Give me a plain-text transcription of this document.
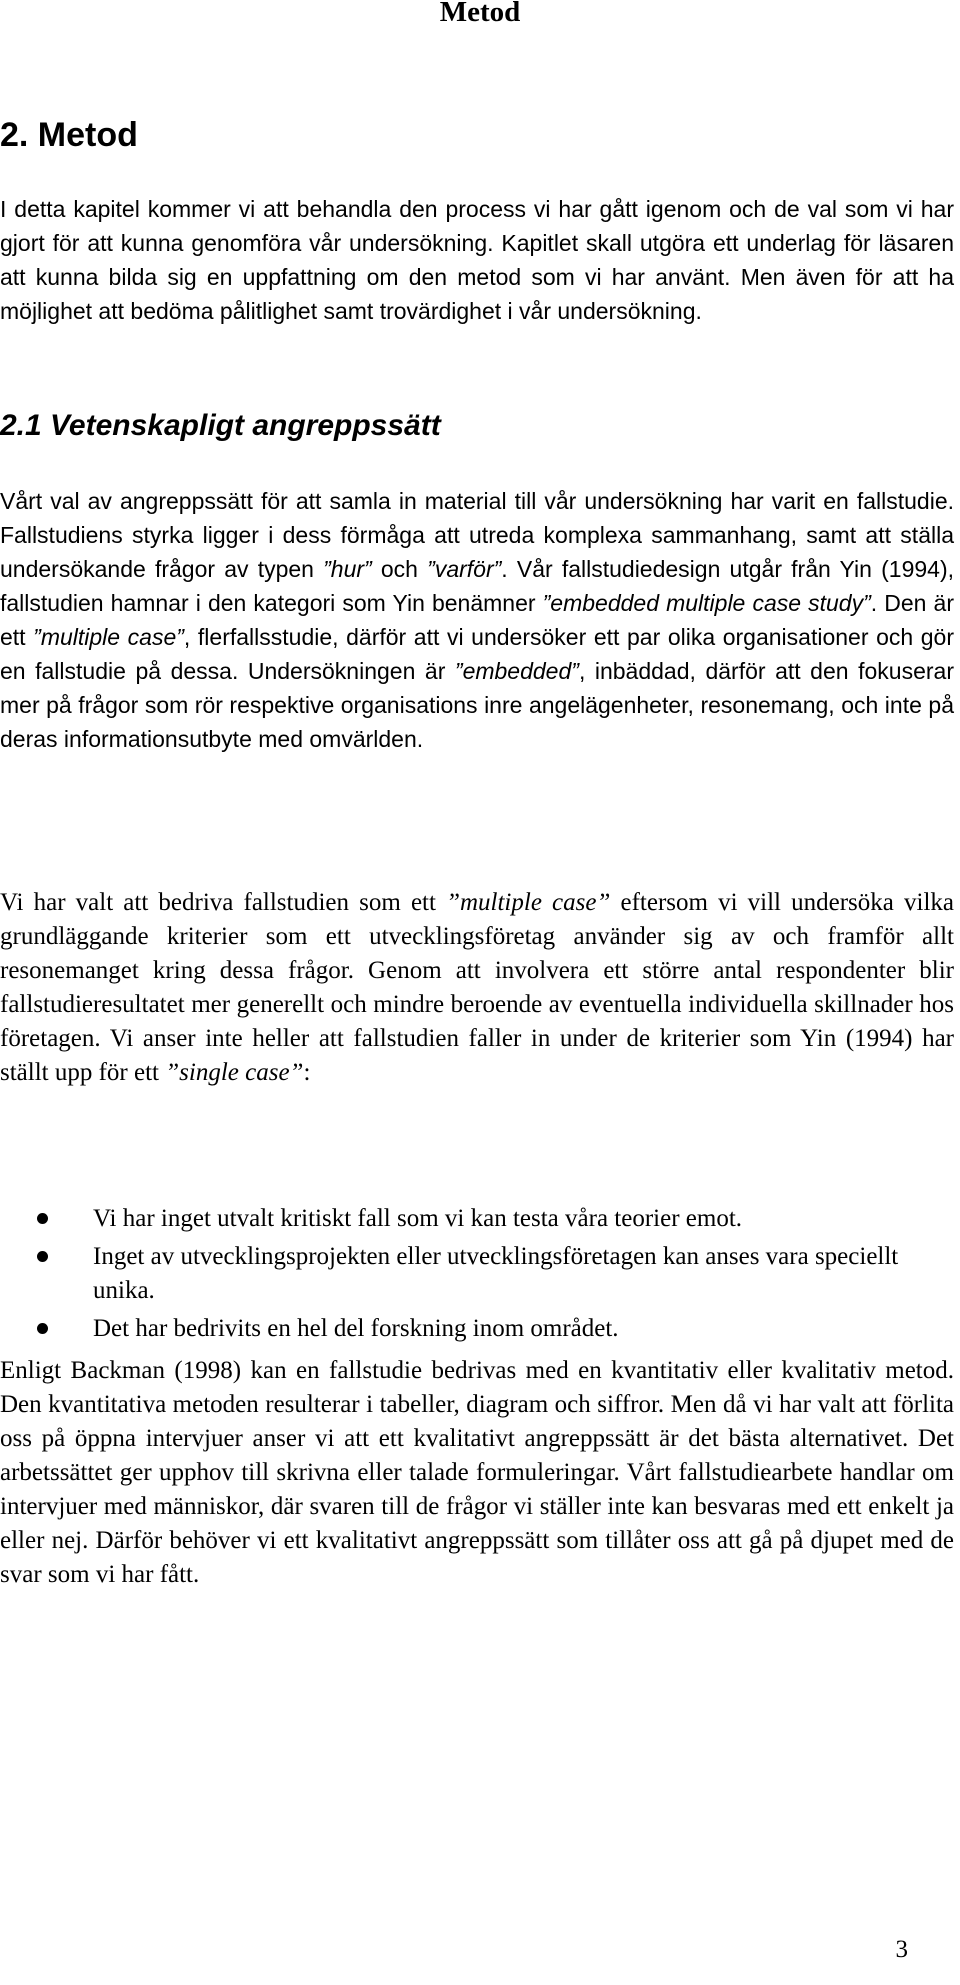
Metod
2. Metod

I detta kapitel kommer vi att behandla den process vi har gått igenom och de val som vi har gjort för att kunna genomföra vår undersökning. Kapitlet skall utgöra ett underlag för läsaren att kunna bilda sig en uppfattning om den metod som vi har använt. Men även för att ha möjlighet att bedöma pålitlighet samt trovärdighet i vår undersökning.

2.1 Vetenskapligt angreppssätt

Vårt val av angreppssätt för att samla in material till vår undersökning har varit en fallstudie. Fallstudiens styrka ligger i dess förmåga att utreda komplexa sammanhang, samt att ställa undersökande frågor av typen ”hur” och ”varför”. Vår fallstudiedesign utgår från Yin (1994), fallstudien hamnar i den kategori som Yin benämner ”embedded multiple case study”. Den är ett ”multiple case”, flerfallsstudie, därför att vi undersöker ett par olika organisationer och gör en fallstudie på dessa. Undersökningen är ”embedded”, inbäddad, därför att den fokuserar mer på frågor som rör respektive organisations inre angelägenheter, resonemang, och inte på deras informationsutbyte med omvärlden.

Vi har valt att bedriva fallstudien som ett ”multiple case” eftersom vi vill undersöka vilka grundläggande kriterier som ett utvecklingsföretag använder sig av och framför allt resonemanget kring dessa frågor. Genom att involvera ett större antal respondenter blir fallstudieresultatet mer generellt och mindre beroende av eventuella individuella skillnader hos företagen. Vi anser inte heller att fallstudien faller in under de kriterier som Yin (1994) har ställt upp för ett ”single case”:

Vi har inget utvalt kritiskt fall som vi kan testa våra teorier emot.
Inget av utvecklingsprojekten eller utvecklingsföretagen kan anses vara speciellt unika.
Det har bedrivits en hel del forskning inom området.

Enligt Backman (1998) kan en fallstudie bedrivas med en kvantitativ eller kvalitativ metod. Den kvantitativa metoden resulterar i tabeller, diagram och siffror. Men då vi har valt att förlita oss på öppna intervjuer anser vi att ett kvalitativt angreppssätt är det bästa alternativet. Det arbetssättet ger upphov till skrivna eller talade formuleringar. Vårt fallstudiearbete handlar om intervjuer med människor, där svaren till de frågor vi ställer inte kan besvaras med ett enkelt ja eller nej. Därför behöver vi ett kvalitativt angreppssätt som tillåter oss att gå på djupet med de svar som vi har fått.

3
